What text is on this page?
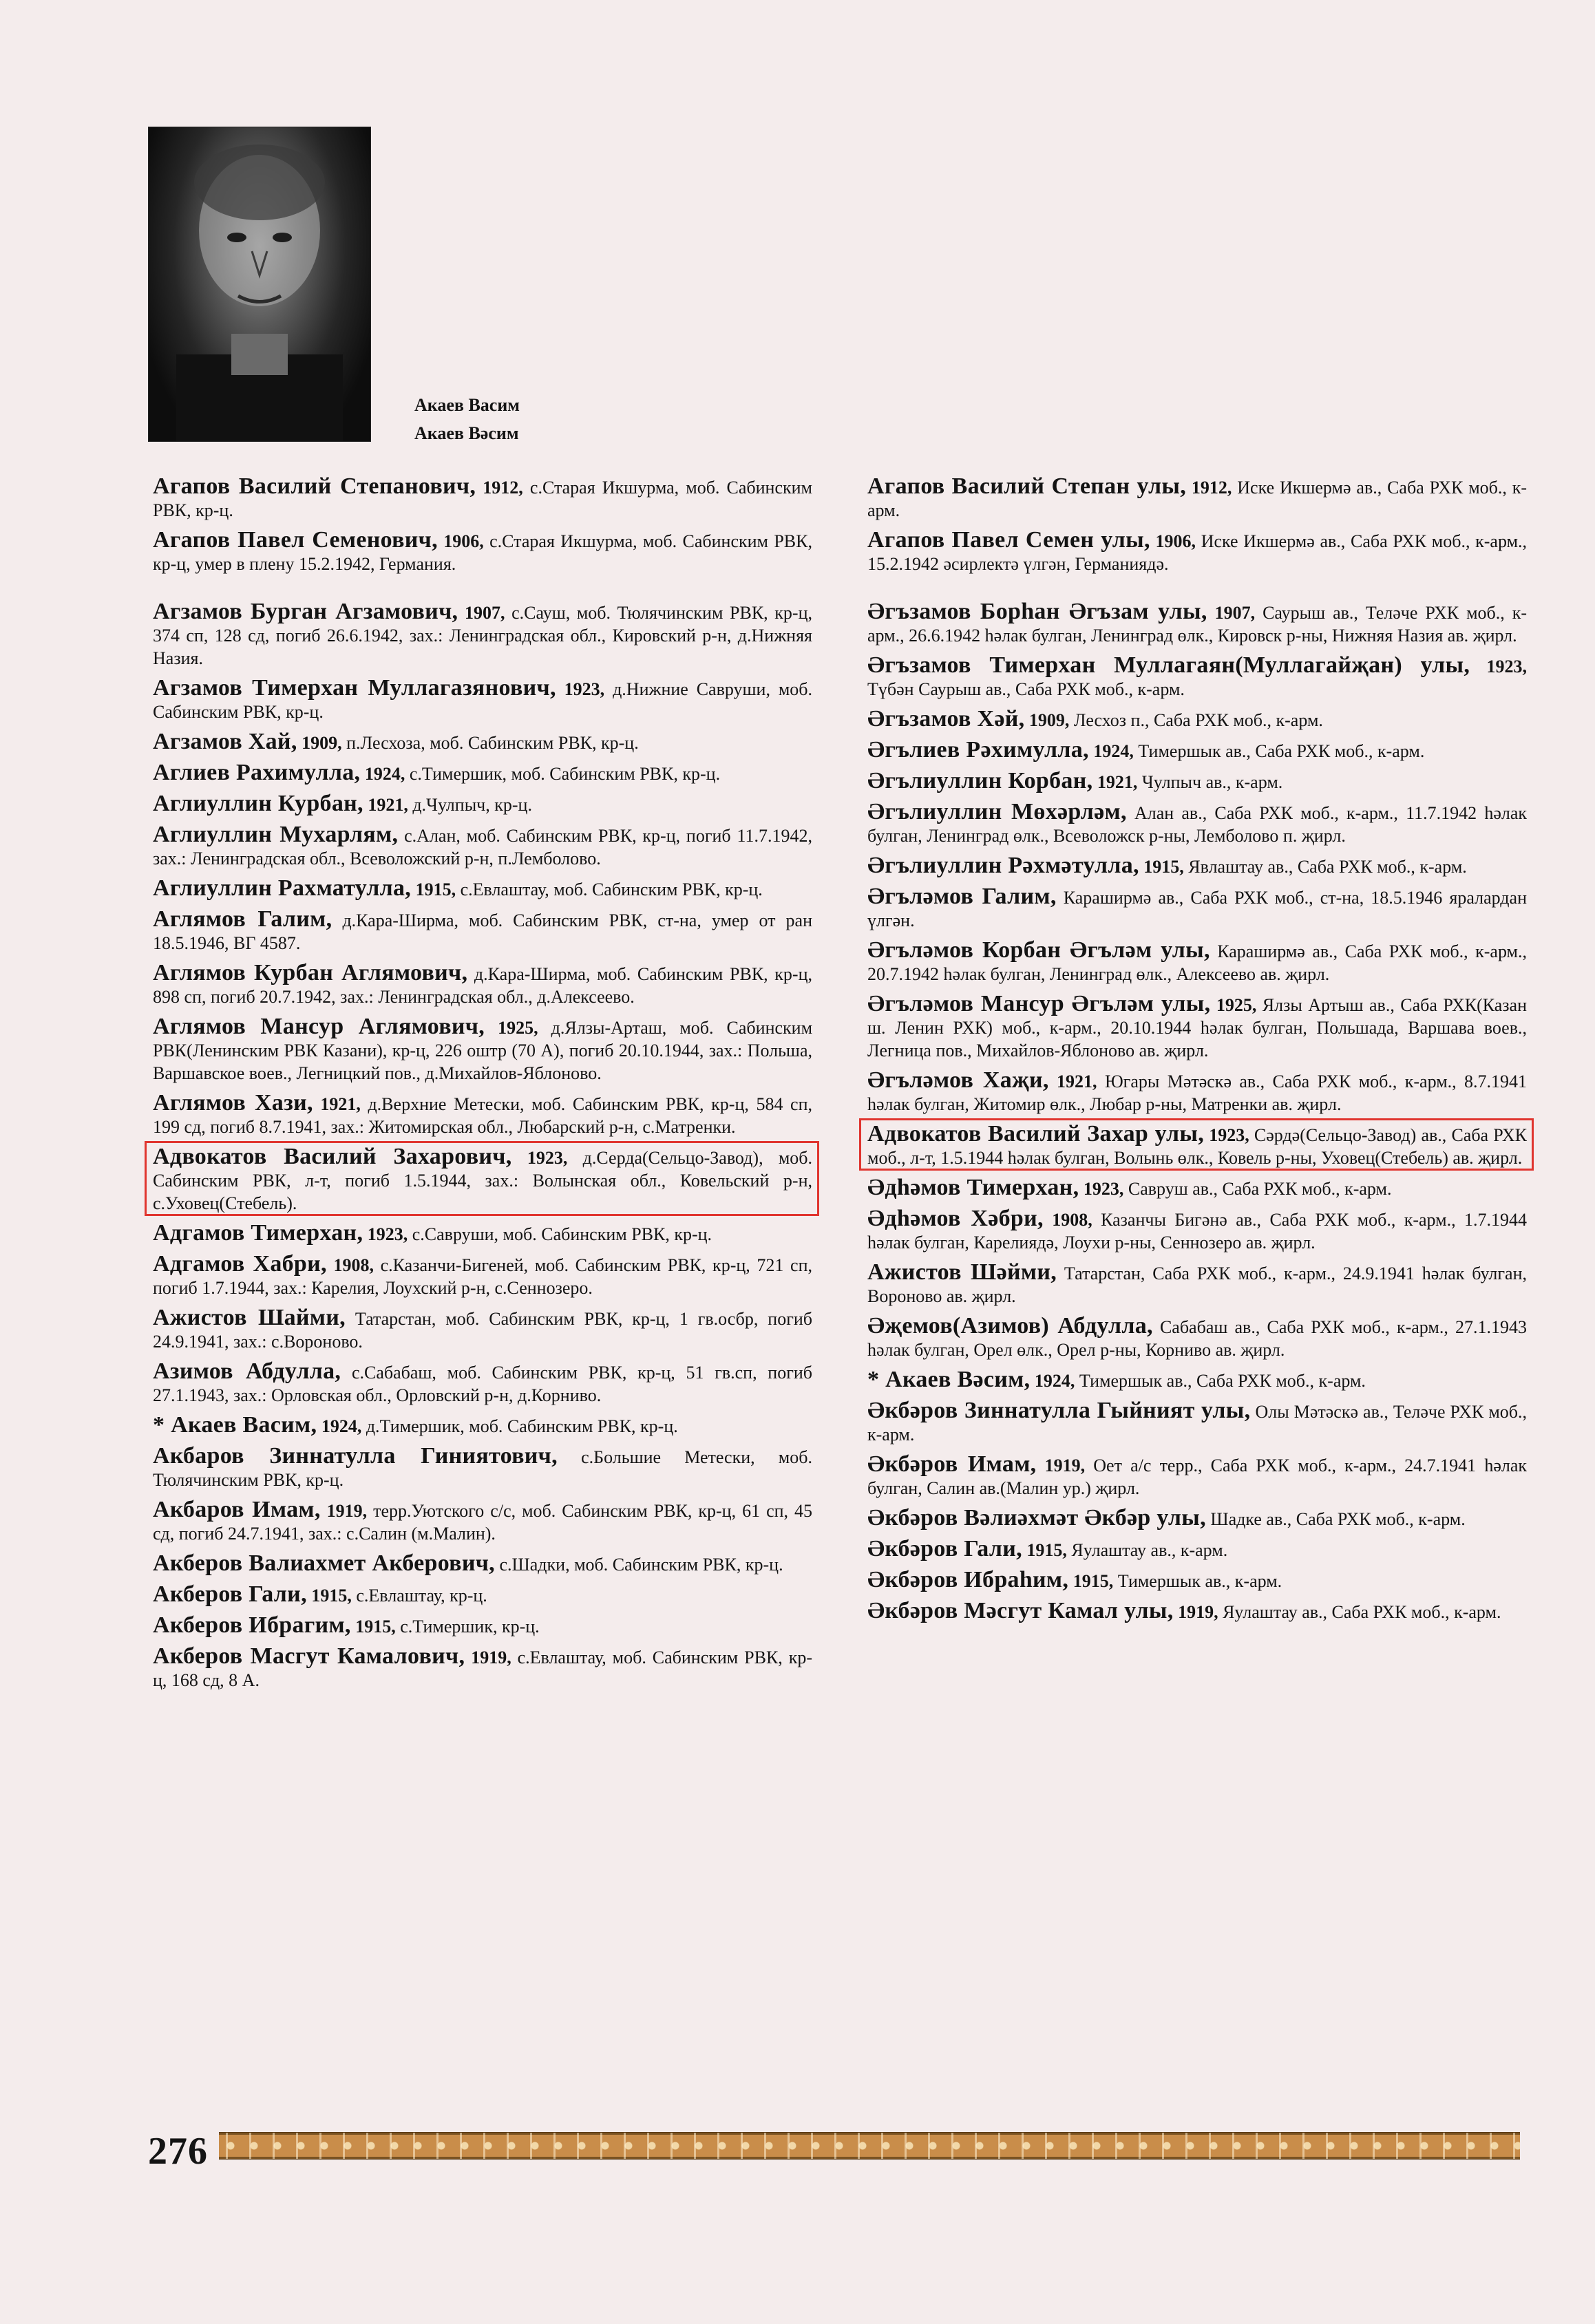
Акаев Васим
Акаев Вәсим
Агапов Василий Степанович, 1912, с.Старая Икшурма, моб. Сабинским РВК, кр-ц.
Агапов Павел Семенович, 1906, с.Старая Икшурма, моб. Сабинским РВК, кр-ц, умер в плену 15.2.1942, Германия.
Агзамов Бурган Агзамович, 1907, с.Сауш, моб. Тюлячинским РВК, кр-ц, 374 сп, 128 сд, погиб 26.6.1942, зах.: Ленинградская обл., Кировский р-н, д.Нижняя Назия.
Агзамов Тимерхан Муллагазянович, 1923, д.Нижние Савруши, моб. Сабинским РВК, кр-ц.
Агзамов Хай, 1909, п.Лесхоза, моб. Сабинским РВК, кр-ц.
Аглиев Рахимулла, 1924, с.Тимершик, моб. Сабинским РВК, кр-ц.
Аглиуллин Курбан, 1921, д.Чулпыч, кр-ц.
Аглиуллин Мухарлям, с.Алан, моб. Сабинским РВК, кр-ц, погиб 11.7.1942, зах.: Ленинградская обл., Всеволожский р-н, п.Лемболово.
Аглиуллин Рахматулла, 1915, с.Евлаштау, моб. Сабинским РВК, кр-ц.
Аглямов Галим, д.Кара-Ширма, моб. Сабинским РВК, ст-на, умер от ран 18.5.1946, ВГ 4587.
Аглямов Курбан Аглямович, д.Кара-Ширма, моб. Сабинским РВК, кр-ц, 898 сп, погиб 20.7.1942, зах.: Ленинградская обл., д.Алексеево.
Аглямов Мансур Аглямович, 1925, д.Ялзы-Арташ, моб. Сабинским РВК(Ленинским РВК Казани), кр-ц, 226 оштр (70 А), погиб 20.10.1944, зах.: Польша, Варшавское воев., Легницкий пов., д.Михайлов-Яблоново.
Аглямов Хази, 1921, д.Верхние Метески, моб. Сабинским РВК, кр-ц, 584 сп, 199 сд, погиб 8.7.1941, зах.: Житомирская обл., Любарский р-н, с.Матренки.
Адвокатов Василий Захарович, 1923, д.Серда(Сельцо-Завод), моб. Сабинским РВК, л-т, погиб 1.5.1944, зах.: Волынская обл., Ковельский р-н, с.Уховец(Стебель).
Адгамов Тимерхан, 1923, с.Савруши, моб. Сабинским РВК, кр-ц.
Адгамов Хабри, 1908, с.Казанчи-Бигеней, моб. Сабинским РВК, кр-ц, 721 сп, погиб 1.7.1944, зах.: Карелия, Лоухский р-н, с.Сеннозеро.
Ажистов Шайми, Татарстан, моб. Сабинским РВК, кр-ц, 1 гв.осбр, погиб 24.9.1941, зах.: с.Вороново.
Азимов Абдулла, с.Сабабаш, моб. Сабинским РВК, кр-ц, 51 гв.сп, погиб 27.1.1943, зах.: Орловская обл., Орловский р-н, д.Корниво.
* Акаев Васим, 1924, д.Тимершик, моб. Сабинским РВК, кр-ц.
Акбаров Зиннатулла Гиниятович, с.Большие Метески, моб. Тюлячинским РВК, кр-ц.
Акбаров Имам, 1919, терр.Уютского с/с, моб. Сабинским РВК, кр-ц, 61 сп, 45 сд, погиб 24.7.1941, зах.: с.Салин (м.Малин).
Акберов Валиахмет Акберович, с.Шадки, моб. Сабинским РВК, кр-ц.
Акберов Гали, 1915, с.Евлаштау, кр-ц.
Акберов Ибрагим, 1915, с.Тимершик, кр-ц.
Акберов Масгут Камалович, 1919, с.Евлаштау, моб. Сабинским РВК, кр-ц, 168 сд, 8 А.
Агапов Василий Степан улы, 1912, Иске Икшермә ав., Саба РХК моб., к-арм.
Агапов Павел Семен улы, 1906, Иске Икшермә ав., Саба РХК моб., к-арм., 15.2.1942 әсирлектә үлгән, Германиядә.
Әгъзамов Борһан Әгъзам улы, 1907, Саурыш ав., Теләче РХК моб., к-арм., 26.6.1942 һәлак булган, Ленинград өлк., Кировск р-ны, Нижняя Назия ав. җирл.
Әгъзамов Тимерхан Муллагаян(Муллагайҗан) улы, 1923, Түбән Саурыш ав., Саба РХК моб., к-арм.
Әгъзамов Хәй, 1909, Лесхоз п., Саба РХК моб., к-арм.
Әгълиев Рәхимулла, 1924, Тимершык ав., Саба РХК моб., к-арм.
Әгълиуллин Корбан, 1921, Чулпыч ав., к-арм.
Әгълиуллин Мөхәрләм, Алан ав., Саба РХК моб., к-арм., 11.7.1942 һәлак булган, Ленинград өлк., Всеволожск р-ны, Лемболово п. җирл.
Әгълиуллин Рәхмәтулла, 1915, Явлаштау ав., Саба РХК моб., к-арм.
Әгъләмов Галим, Караширмә ав., Саба РХК моб., ст-на, 18.5.1946 яралардан үлгән.
Әгъләмов Корбан Әгъләм улы, Каpаширмә ав., Саба РХК моб., к-арм., 20.7.1942 һәлак булган, Ленинград өлк., Алексеево ав. җирл.
Әгъләмов Мансур Әгъләм улы, 1925, Ялзы Артыш ав., Саба РХК(Казан ш. Ленин РХК) моб., к-арм., 20.10.1944 һәлак булган, Польшада, Варшава воев., Легница пов., Михайлов-Яблоново ав. җирл.
Әгъләмов Хаҗи, 1921, Югары Мәтәскә ав., Саба РХК моб., к-арм., 8.7.1941 һәлак булган, Житомир өлк., Любар р-ны, Матренки ав. җирл.
Адвокатов Василий Захар улы, 1923, Сәрдә(Сельцо-Завод) ав., Саба РХК моб., л-т, 1.5.1944 һәлак булган, Волынь өлк., Ковель р-ны, Уховец(Стебель) ав. җирл.
Әдһәмов Тимерхан, 1923, Савруш ав., Саба РХК моб., к-арм.
Әдһәмов Хәбри, 1908, Казанчы Бигәнә ав., Саба РХК моб., к-арм., 1.7.1944 һәлак булган, Карелиядә, Лоухи р-ны, Сеннозеро ав. җирл.
Ажистов Шәйми, Татарстан, Саба РХК моб., к-арм., 24.9.1941 һәлак булган, Вороново ав. җирл.
Әҗемов(Азимов) Абдулла, Сабабаш ав., Саба РХК моб., к-арм., 27.1.1943 һәлак булган, Орел өлк., Орел р-ны, Корниво ав. җирл.
* Акаев Вәсим, 1924, Тимершык ав., Саба РХК моб., к-арм.
Әкбәров Зиннатулла Гыйният улы, Олы Мәтәскә ав., Теләче РХК моб., к-арм.
Әкбәров Имам, 1919, Оет а/с терр., Саба РХК моб., к-арм., 24.7.1941 һәлак булган, Салин ав.(Малин ур.) җирл.
Әкбәров Вәлиәхмәт Әкбәр улы, Шадке ав., Саба РХК моб., к-арм.
Әкбәров Гали, 1915, Яулаштау ав., к-арм.
Әкбәров Ибраһим, 1915, Тимершык ав., к-арм.
Әкбәров Мәсгут Камал улы, 1919, Яулаштау ав., Саба РХК моб., к-арм.
276
